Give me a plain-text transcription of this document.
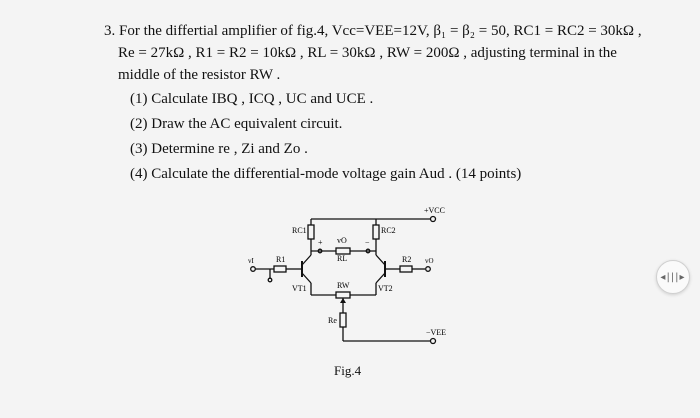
3. For the differtial amplifier of fig.4, Vcc=VEE=12V, β₁ = β₂ = 50, RC1 = RC2 = 30kΩ ,
Re = 27kΩ , R1 = R2 = 10kΩ , RL = 30kΩ , RW = 200Ω , adjusting terminal in the
middle of the resistor RW .
(1) Calculate IBQ , ICQ , UC and UCE .
(2) Draw the AC equivalent circuit.
(3) Determine re , Zi and Zo .
(4) Calculate the differential-mode voltage gain Aud . (14 points)
+VCC
RC1	RC2
+ vO −
RL
vI	R1	R2 vO
VT1	VT2
RW
Re
−VEE
Fig.4
◂|||▸
